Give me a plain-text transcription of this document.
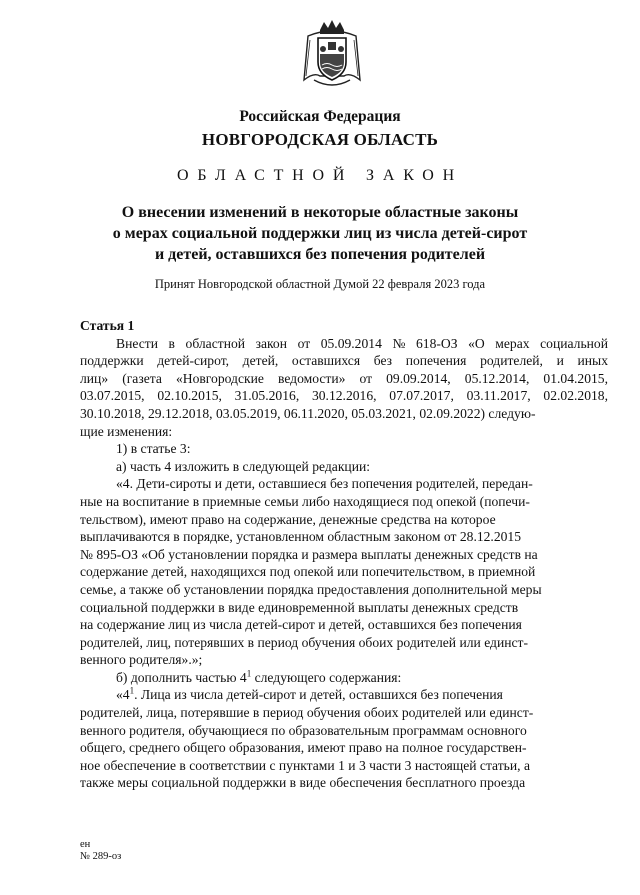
Российская Федерация
НОВГОРОДСКАЯ ОБЛАСТЬ
ОБЛАСТНОЙ ЗАКОН
О внесении изменений в некоторые областные законы
о мерах социальной поддержки лиц из числа детей-сирот
и детей, оставшихся без попечения родителей
Принят Новгородской областной Думой 22 февраля 2023 года

Статья 1

Внести в областной закон от 05.09.2014 № 618-ОЗ «О мерах социальной
поддержки детей-сирот, детей, оставшихся без попечения родителей, и иных
лиц» (газета «Новгородские ведомости» от 09.09.2014, 05.12.2014, 01.04.2015,
03.07.2015, 02.10.2015, 31.05.2016, 30.12.2016, 07.07.2017, 03.11.2017, 02.02.2018,
30.10.2018, 29.12.2018, 03.05.2019, 06.11.2020, 05.03.2021, 02.09.2022) следую-
щие изменения:
1) в статье 3:
а) часть 4 изложить в следующей редакции:
«4. Дети-сироты и дети, оставшиеся без попечения родителей, передан-
ные на воспитание в приемные семьи либо находящиеся под опекой (попечи-
тельством), имеют право на содержание, денежные средства на которое
выплачиваются в порядке, установленном областным законом от 28.12.2015
№ 895-ОЗ «Об установлении порядка и размера выплаты денежных средств на
содержание детей, находящихся под опекой или попечительством, в приемной
семье, а также об установлении порядка предоставления дополнительной меры
социальной поддержки в виде единовременной выплаты денежных средств
на содержание лиц из числа детей-сирот и детей, оставшихся без попечения
родителей, лиц, потерявших в период обучения обоих родителей или единст-
венного родителя».»;
б) дополнить частью $4^1$ следующего содержания:
«$4^1$. Лица из числа детей-сирот и детей, оставшихся без попечения
родителей, лица, потерявшие в период обучения обоих родителей или единст-
венного родителя, обучающиеся по образовательным программам основного
общего, среднего общего образования, имеют право на полное государствен-
ное обеспечение в соответствии с пунктами 1 и 3 части 3 настоящей статьи, а
также меры социальной поддержки в виде обеспечения бесплатного проезда
ен
№ 289-оз
